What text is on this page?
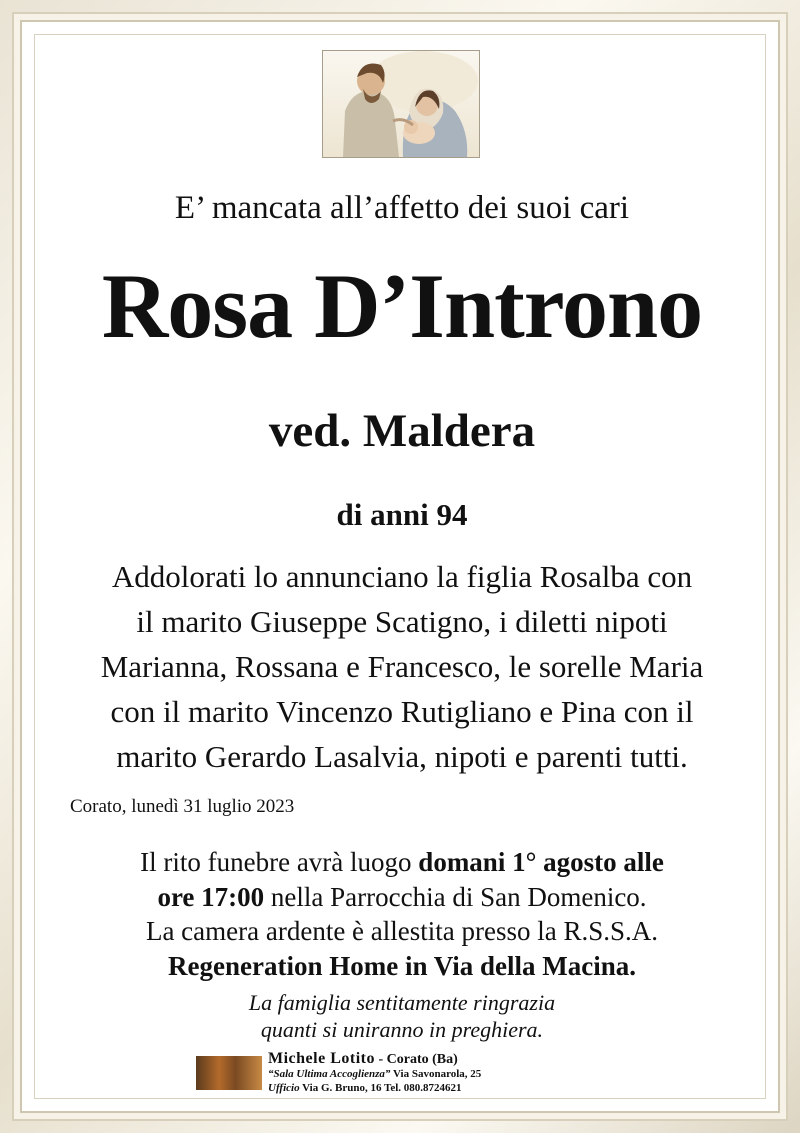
E’ mancata all’affetto dei suoi cari
Rosa D’Introno
ved. Maldera
di anni 94
Addolorati lo annunciano la figlia Rosalba con
il marito Giuseppe Scatigno, i diletti nipoti
Marianna, Rossana e Francesco, le sorelle Maria
con il marito Vincenzo Rutigliano e Pina con il
marito Gerardo Lasalvia, nipoti e parenti tutti.
Corato, lunedì 31 luglio 2023
Il rito funebre avrà luogo domani 1° agosto alle
ore 17:00 nella Parrocchia di San Domenico.
La camera ardente è allestita presso la R.S.S.A.
Regeneration Home in Via della Macina.
La famiglia sentitamente ringrazia
quanti si uniranno in preghiera.
Michele Lotito - Corato (Ba)
“Sala Ultima Accoglienza” Via Savonarola, 25
Ufficio Via G. Bruno, 16 Tel. 080.8724621
